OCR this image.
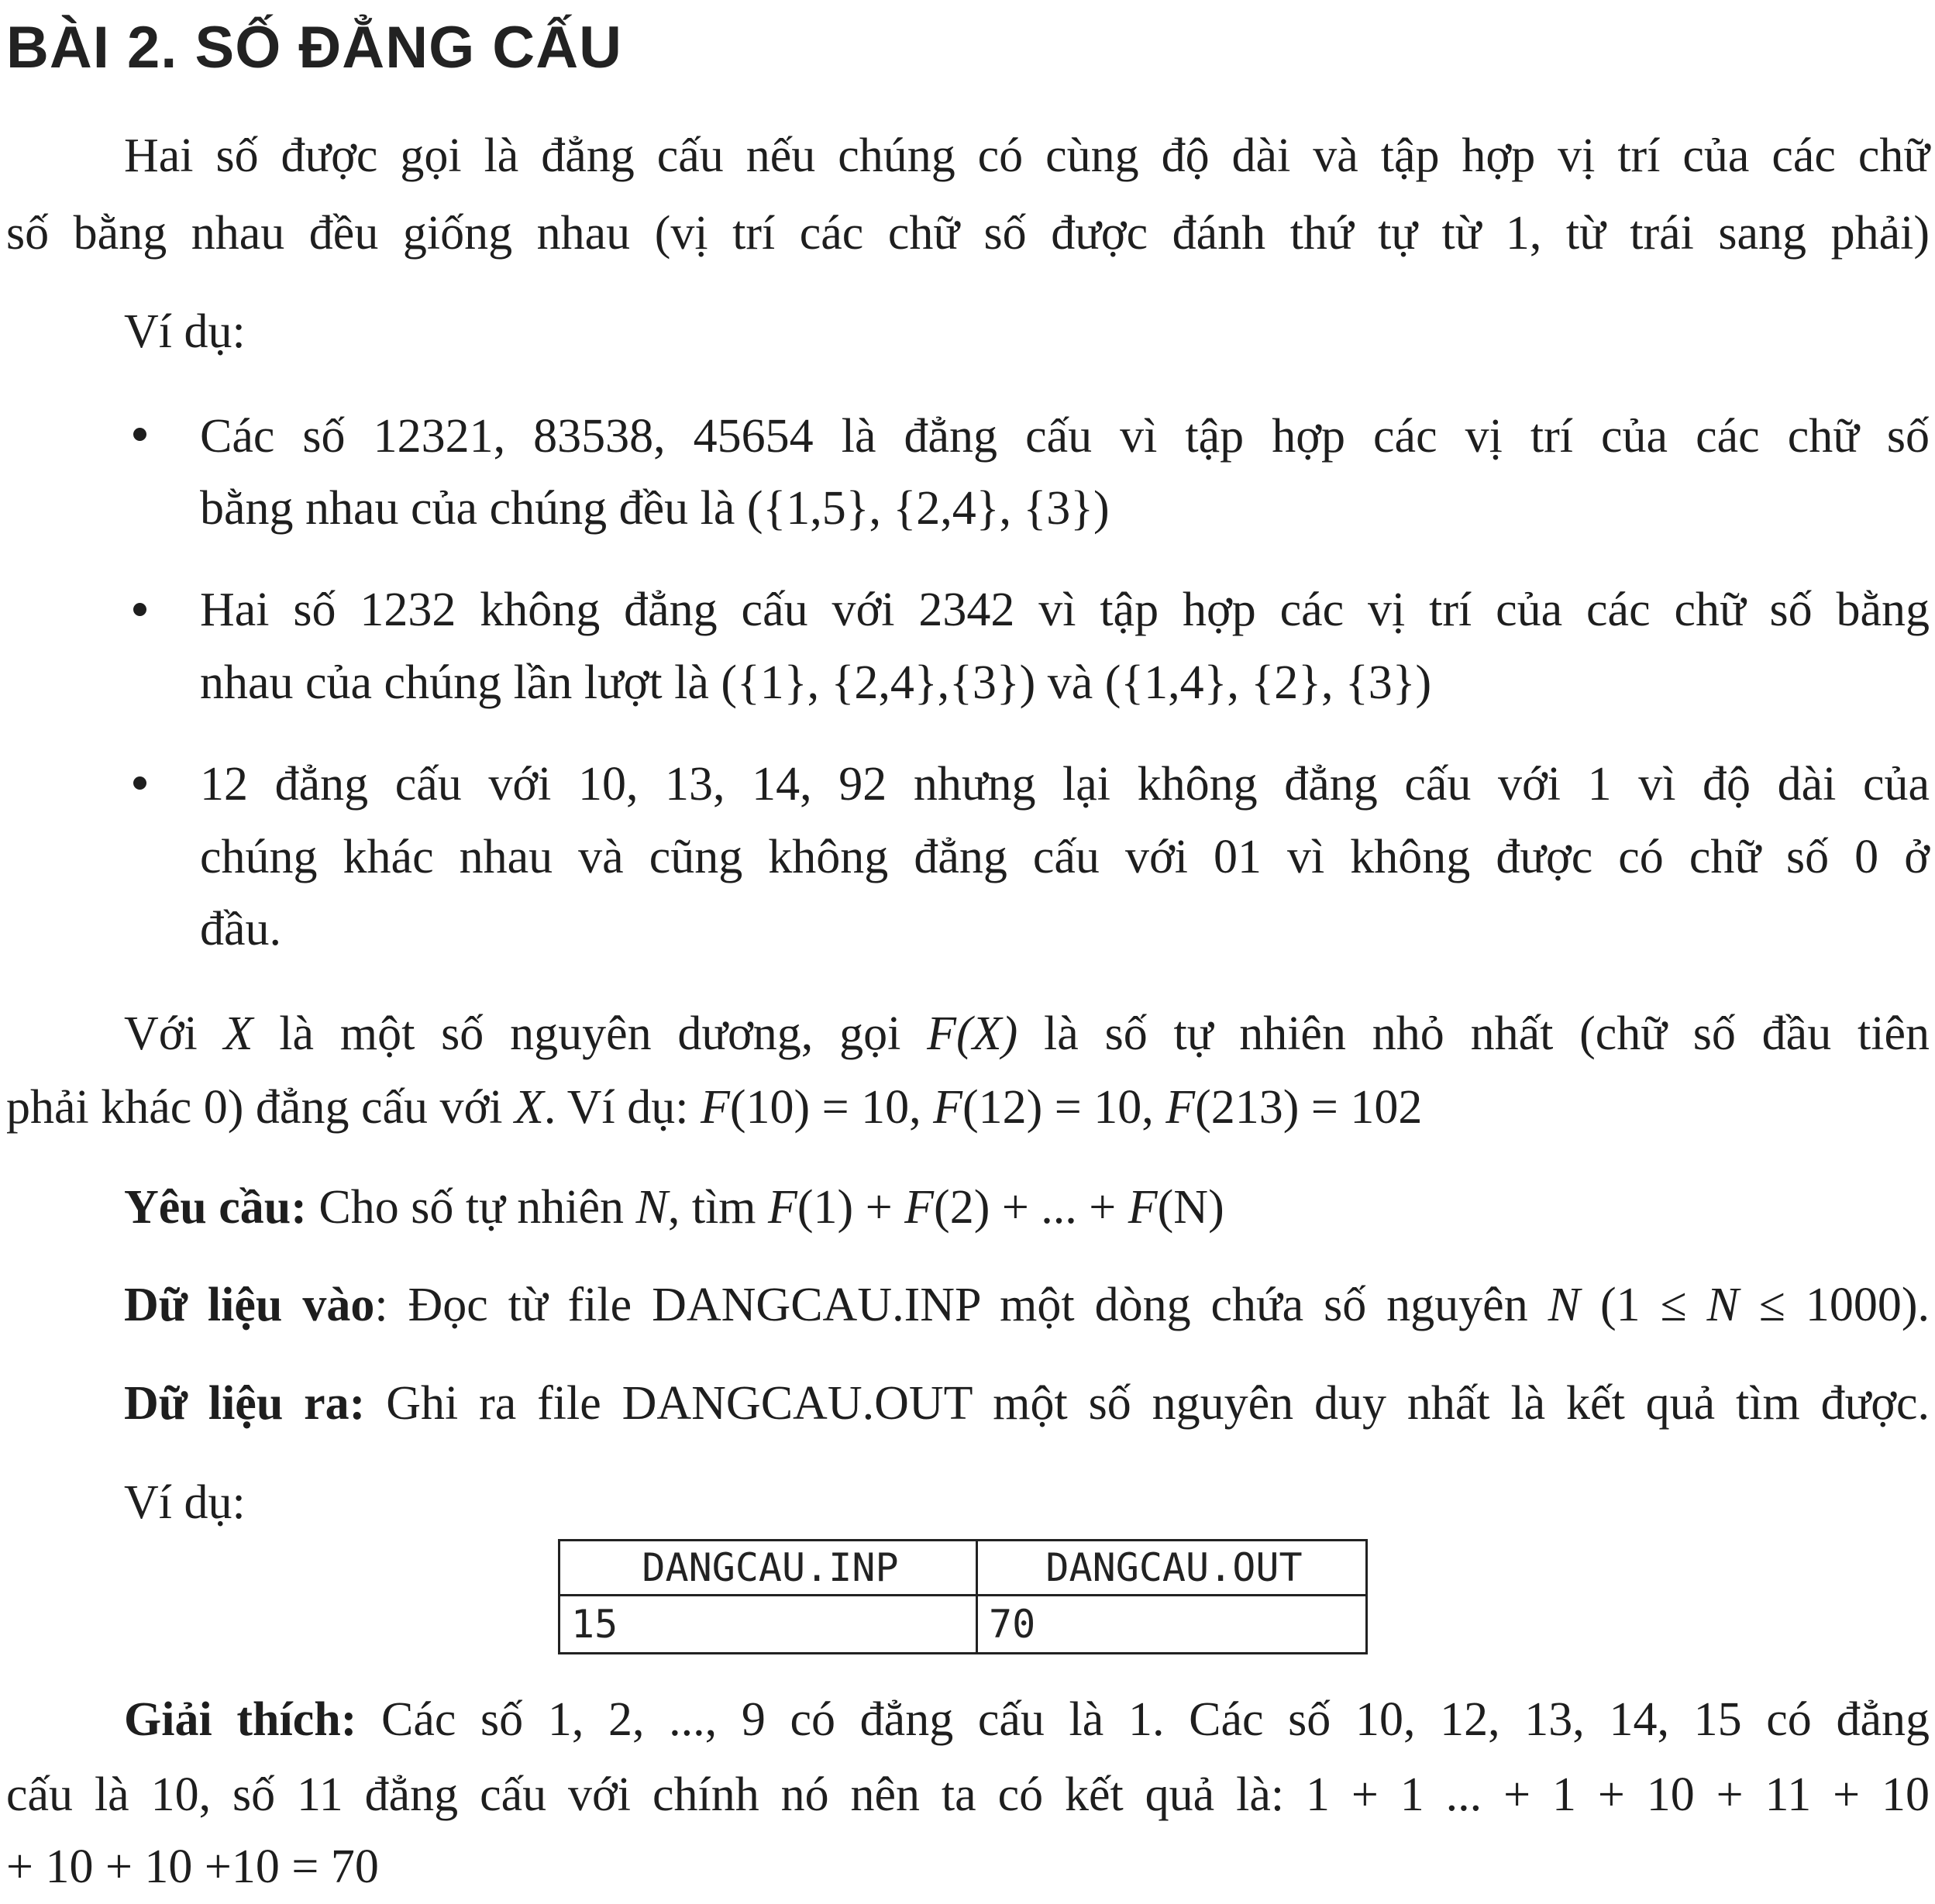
BÀI 2. SỐ ĐẲNG CẤU
Hai số được gọi là đẳng cấu nếu chúng có cùng độ dài và tập hợp vị trí của các chữ
số bằng nhau đều giống nhau (vị trí các chữ số được đánh thứ tự từ 1, từ trái sang phải)
Ví dụ:
Các số 12321, 83538, 45654 là đẳng cấu vì tập hợp các vị trí của các chữ số
bằng nhau của chúng đều là ({1,5}, {2,4}, {3})
Hai số 1232 không đẳng cấu với 2342 vì tập hợp các vị trí của các chữ số bằng
nhau của chúng lần lượt là ({1}, {2,4},{3}) và ({1,4}, {2}, {3})
12 đẳng cấu với 10, 13, 14, 92 nhưng lại không đẳng cấu với 1 vì độ dài của
chúng khác nhau và cũng không đẳng cấu với 01 vì không được có chữ số 0 ở
đầu.
Với X là một số nguyên dương, gọi F(X) là số tự nhiên nhỏ nhất (chữ số đầu tiên
phải khác 0) đẳng cấu với X. Ví dụ: F(10) = 10, F(12) = 10, F(213) = 102
Yêu cầu: Cho số tự nhiên N, tìm F(1) + F(2) + ... + F(N)
Dữ liệu vào: Đọc từ file DANGCAU.INP một dòng chứa số nguyên N (1 ≤ N ≤ 1000).
Dữ liệu ra: Ghi ra file DANGCAU.OUT một số nguyên duy nhất là kết quả tìm được.
Ví dụ:
DANGCAU.INP	DANGCAU.OUT
15	70
Giải thích: Các số 1, 2, ..., 9 có đẳng cấu là 1. Các số 10, 12, 13, 14, 15 có đẳng
cấu là 10, số 11 đẳng cấu với chính nó nên ta có kết quả là: 1 + 1 ... + 1 + 10 + 11 + 10
+ 10 + 10 +10 = 70
